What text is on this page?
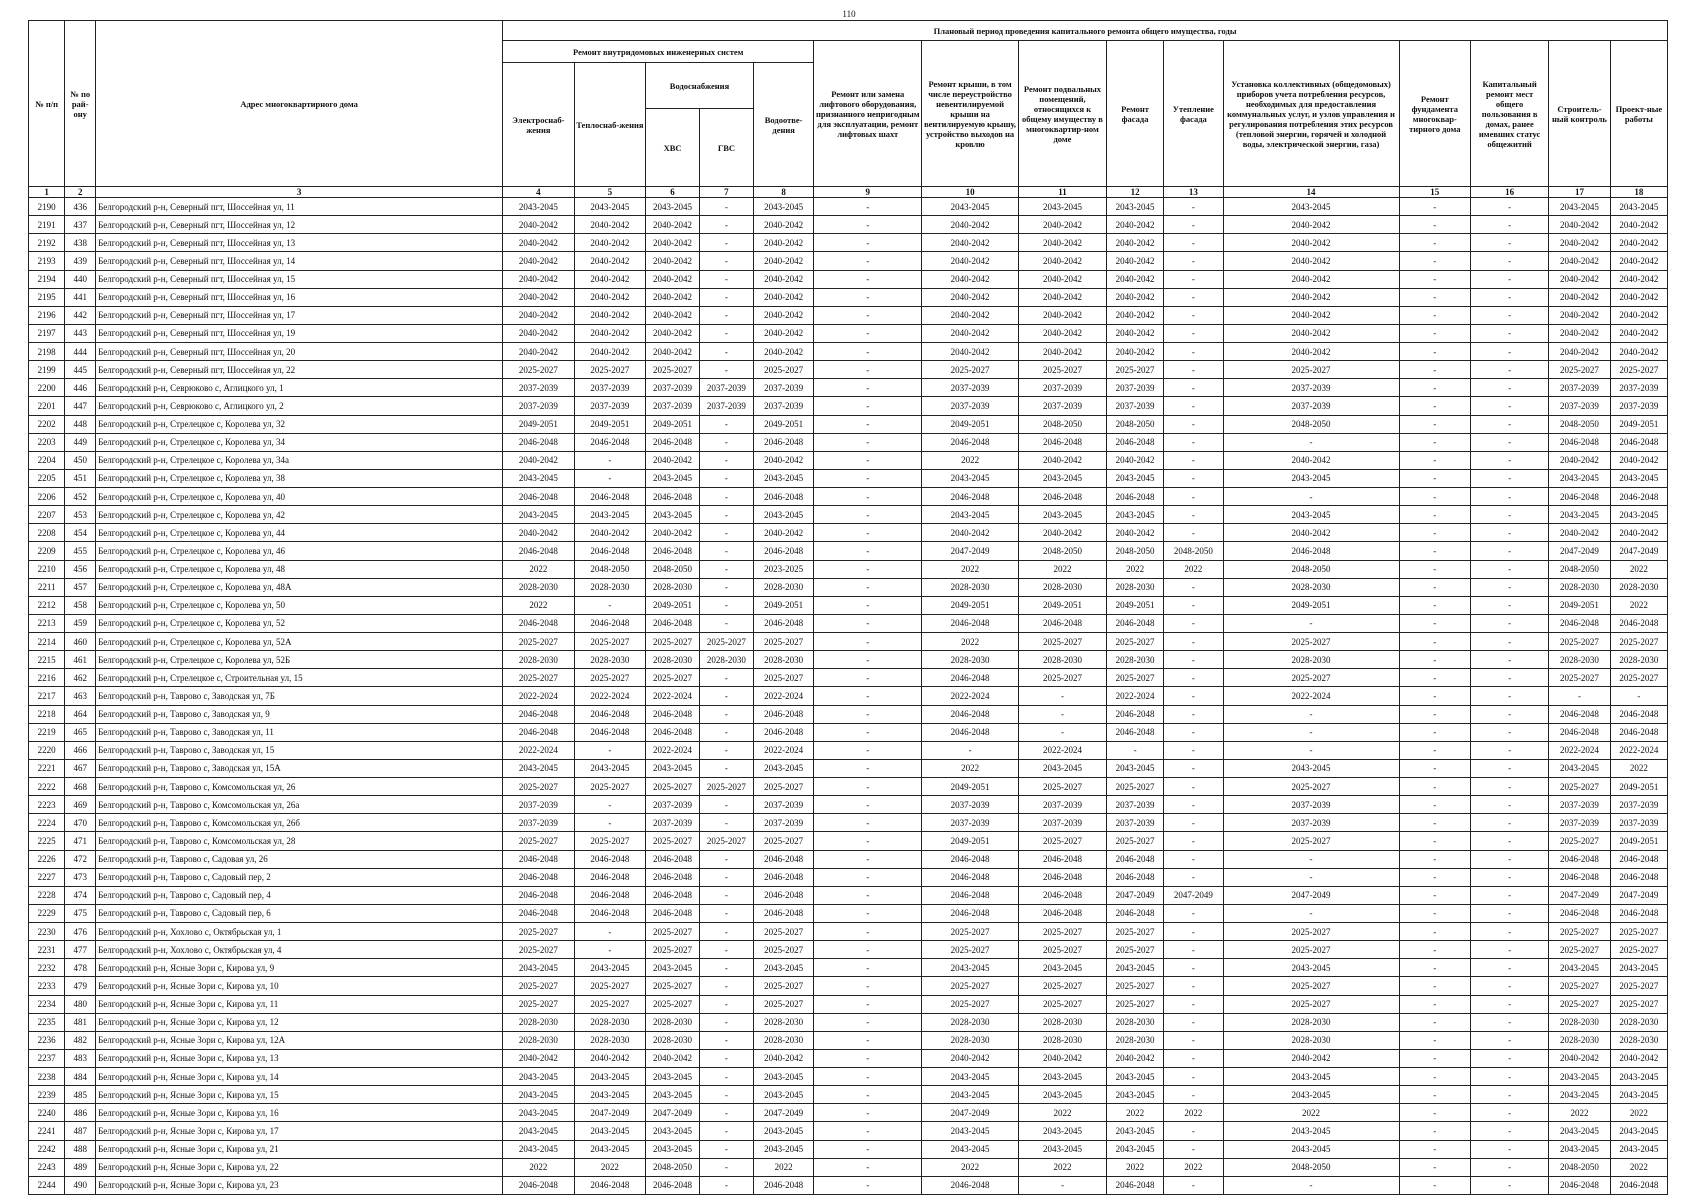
110
№ п/п	№ по рай-ону	Адрес многоквартирного дома	Плановый период проведения капитального ремонта общего имущества, годы														
			Ремонт внутридомовых инженерных систем					Ремонт или замена лифтового оборудования, признанного непригодным для эксплуатации, ремонт лифтовых шахт	Ремонт крыши, в том числе переустройство невентилируемой крыши на вентилируемую крышу, устройство выходов на кровлю	Ремонт подвальных помещений, относящихся к общему имуществу в многоквартир-ном доме	Ремонт фасада	Утепление фасада	Установка коллективных (общедомовых) приборов учета потребления ресурсов, необходимых для предоставления коммунальных услуг, и узлов управления и регулирования потребления этих ресурсов (тепловой энергии, горячей и холодной воды, электрической энергии, газа)	Ремонт фундамента многоквар-тирного дома	Капитальный ремонт мест общего пользования в домах, ранее имевших статус общежитий	Строитель-ный контроль	Проект-ные работы
			Электроснаб-жения	Теплоснаб-жения	Водоснабжения		Водоотве-дения										
					ХВС	ГВС											
1	2	3	4	5	6	7	8	9	10	11	12	13	14	15	16	17	18
2190	436	Белгородский р-н, Северный пгт, Шоссейная ул, 11	2043-2045	2043-2045	2043-2045	-	2043-2045	-	2043-2045	2043-2045	2043-2045	-	2043-2045	-	-	2043-2045	2043-2045
2191	437	Белгородский р-н, Северный пгт, Шоссейная ул, 12	2040-2042	2040-2042	2040-2042	-	2040-2042	-	2040-2042	2040-2042	2040-2042	-	2040-2042	-	-	2040-2042	2040-2042
2192	438	Белгородский р-н, Северный пгт, Шоссейная ул, 13	2040-2042	2040-2042	2040-2042	-	2040-2042	-	2040-2042	2040-2042	2040-2042	-	2040-2042	-	-	2040-2042	2040-2042
2193	439	Белгородский р-н, Северный пгт, Шоссейная ул, 14	2040-2042	2040-2042	2040-2042	-	2040-2042	-	2040-2042	2040-2042	2040-2042	-	2040-2042	-	-	2040-2042	2040-2042
2194	440	Белгородский р-н, Северный пгт, Шоссейная ул, 15	2040-2042	2040-2042	2040-2042	-	2040-2042	-	2040-2042	2040-2042	2040-2042	-	2040-2042	-	-	2040-2042	2040-2042
2195	441	Белгородский р-н, Северный пгт, Шоссейная ул, 16	2040-2042	2040-2042	2040-2042	-	2040-2042	-	2040-2042	2040-2042	2040-2042	-	2040-2042	-	-	2040-2042	2040-2042
2196	442	Белгородский р-н, Северный пгт, Шоссейная ул, 17	2040-2042	2040-2042	2040-2042	-	2040-2042	-	2040-2042	2040-2042	2040-2042	-	2040-2042	-	-	2040-2042	2040-2042
2197	443	Белгородский р-н, Северный пгт, Шоссейная ул, 19	2040-2042	2040-2042	2040-2042	-	2040-2042	-	2040-2042	2040-2042	2040-2042	-	2040-2042	-	-	2040-2042	2040-2042
2198	444	Белгородский р-н, Северный пгт, Шоссейная ул, 20	2040-2042	2040-2042	2040-2042	-	2040-2042	-	2040-2042	2040-2042	2040-2042	-	2040-2042	-	-	2040-2042	2040-2042
2199	445	Белгородский р-н, Северный пгт, Шоссейная ул, 22	2025-2027	2025-2027	2025-2027	-	2025-2027	-	2025-2027	2025-2027	2025-2027	-	2025-2027	-	-	2025-2027	2025-2027
2200	446	Белгородский р-н, Севрюково с, Аглицкого ул, 1	2037-2039	2037-2039	2037-2039	2037-2039	2037-2039	-	2037-2039	2037-2039	2037-2039	-	2037-2039	-	-	2037-2039	2037-2039
2201	447	Белгородский р-н, Севрюково с, Аглицкого ул, 2	2037-2039	2037-2039	2037-2039	2037-2039	2037-2039	-	2037-2039	2037-2039	2037-2039	-	2037-2039	-	-	2037-2039	2037-2039
2202	448	Белгородский р-н, Стрелецкое с, Королева ул, 32	2049-2051	2049-2051	2049-2051	-	2049-2051	-	2049-2051	2048-2050	2048-2050	-	2048-2050	-	-	2048-2050	2049-2051
2203	449	Белгородский р-н, Стрелецкое с, Королева ул, 34	2046-2048	2046-2048	2046-2048	-	2046-2048	-	2046-2048	2046-2048	2046-2048	-	-	-	-	2046-2048	2046-2048
2204	450	Белгородский р-н, Стрелецкое с, Королева ул, 34а	2040-2042	-	2040-2042	-	2040-2042	-	2022	2040-2042	2040-2042	-	2040-2042	-	-	2040-2042	2040-2042
2205	451	Белгородский р-н, Стрелецкое с, Королева ул, 38	2043-2045	-	2043-2045	-	2043-2045	-	2043-2045	2043-2045	2043-2045	-	2043-2045	-	-	2043-2045	2043-2045
2206	452	Белгородский р-н, Стрелецкое с, Королева ул, 40	2046-2048	2046-2048	2046-2048	-	2046-2048	-	2046-2048	2046-2048	2046-2048	-	-	-	-	2046-2048	2046-2048
2207	453	Белгородский р-н, Стрелецкое с, Королева ул, 42	2043-2045	2043-2045	2043-2045	-	2043-2045	-	2043-2045	2043-2045	2043-2045	-	2043-2045	-	-	2043-2045	2043-2045
2208	454	Белгородский р-н, Стрелецкое с, Королева ул, 44	2040-2042	2040-2042	2040-2042	-	2040-2042	-	2040-2042	2040-2042	2040-2042	-	2040-2042	-	-	2040-2042	2040-2042
2209	455	Белгородский р-н, Стрелецкое с, Королева ул, 46	2046-2048	2046-2048	2046-2048	-	2046-2048	-	2047-2049	2048-2050	2048-2050	2048-2050	2046-2048	-	-	2047-2049	2047-2049
2210	456	Белгородский р-н, Стрелецкое с, Королева ул, 48	2022	2048-2050	2048-2050	-	2023-2025	-	2022	2022	2022	2022	2048-2050	-	-	2048-2050	2022
2211	457	Белгородский р-н, Стрелецкое с, Королева ул, 48А	2028-2030	2028-2030	2028-2030	-	2028-2030	-	2028-2030	2028-2030	2028-2030	-	2028-2030	-	-	2028-2030	2028-2030
2212	458	Белгородский р-н, Стрелецкое с, Королева ул, 50	2022	-	2049-2051	-	2049-2051	-	2049-2051	2049-2051	2049-2051	-	2049-2051	-	-	2049-2051	2022
2213	459	Белгородский р-н, Стрелецкое с, Королева ул, 52	2046-2048	2046-2048	2046-2048	-	2046-2048	-	2046-2048	2046-2048	2046-2048	-	-	-	-	2046-2048	2046-2048
2214	460	Белгородский р-н, Стрелецкое с, Королева ул, 52А	2025-2027	2025-2027	2025-2027	2025-2027	2025-2027	-	2022	2025-2027	2025-2027	-	2025-2027	-	-	2025-2027	2025-2027
2215	461	Белгородский р-н, Стрелецкое с, Королева ул, 52Б	2028-2030	2028-2030	2028-2030	2028-2030	2028-2030	-	2028-2030	2028-2030	2028-2030	-	2028-2030	-	-	2028-2030	2028-2030
2216	462	Белгородский р-н, Стрелецкое с, Строительная ул, 15	2025-2027	2025-2027	2025-2027	-	2025-2027	-	2046-2048	2025-2027	2025-2027	-	2025-2027	-	-	2025-2027	2025-2027
2217	463	Белгородский р-н, Таврово с, Заводская ул, 7Б	2022-2024	2022-2024	2022-2024	-	2022-2024	-	2022-2024	-	2022-2024	-	2022-2024	-	-	-	-
2218	464	Белгородский р-н, Таврово с, Заводская ул, 9	2046-2048	2046-2048	2046-2048	-	2046-2048	-	2046-2048	-	2046-2048	-	-	-	-	2046-2048	2046-2048
2219	465	Белгородский р-н, Таврово с, Заводская ул, 11	2046-2048	2046-2048	2046-2048	-	2046-2048	-	2046-2048	-	2046-2048	-	-	-	-	2046-2048	2046-2048
2220	466	Белгородский р-н, Таврово с, Заводская ул, 15	2022-2024	-	2022-2024	-	2022-2024	-	-	2022-2024	-	-	-	-	-	2022-2024	2022-2024
2221	467	Белгородский р-н, Таврово с, Заводская ул, 15А	2043-2045	2043-2045	2043-2045	-	2043-2045	-	2022	2043-2045	2043-2045	-	2043-2045	-	-	2043-2045	2022
2222	468	Белгородский р-н, Таврово с, Комсомольская ул, 26	2025-2027	2025-2027	2025-2027	2025-2027	2025-2027	-	2049-2051	2025-2027	2025-2027	-	2025-2027	-	-	2025-2027	2049-2051
2223	469	Белгородский р-н, Таврово с, Комсомольская ул, 26а	2037-2039	-	2037-2039	-	2037-2039	-	2037-2039	2037-2039	2037-2039	-	2037-2039	-	-	2037-2039	2037-2039
2224	470	Белгородский р-н, Таврово с, Комсомольская ул, 26б	2037-2039	-	2037-2039	-	2037-2039	-	2037-2039	2037-2039	2037-2039	-	2037-2039	-	-	2037-2039	2037-2039
2225	471	Белгородский р-н, Таврово с, Комсомольская ул, 28	2025-2027	2025-2027	2025-2027	2025-2027	2025-2027	-	2049-2051	2025-2027	2025-2027	-	2025-2027	-	-	2025-2027	2049-2051
2226	472	Белгородский р-н, Таврово с, Садовая ул, 26	2046-2048	2046-2048	2046-2048	-	2046-2048	-	2046-2048	2046-2048	2046-2048	-	-	-	-	2046-2048	2046-2048
2227	473	Белгородский р-н, Таврово с, Садовый пер, 2	2046-2048	2046-2048	2046-2048	-	2046-2048	-	2046-2048	2046-2048	2046-2048	-	-	-	-	2046-2048	2046-2048
2228	474	Белгородский р-н, Таврово с, Садовый пер, 4	2046-2048	2046-2048	2046-2048	-	2046-2048	-	2046-2048	2046-2048	2047-2049	2047-2049	2047-2049	-	-	2047-2049	2047-2049
2229	475	Белгородский р-н, Таврово с, Садовый пер, 6	2046-2048	2046-2048	2046-2048	-	2046-2048	-	2046-2048	2046-2048	2046-2048	-	-	-	-	2046-2048	2046-2048
2230	476	Белгородский р-н, Хохлово с, Октябрьская ул, 1	2025-2027	-	2025-2027	-	2025-2027	-	2025-2027	2025-2027	2025-2027	-	2025-2027	-	-	2025-2027	2025-2027
2231	477	Белгородский р-н, Хохлово с, Октябрьская ул, 4	2025-2027	-	2025-2027	-	2025-2027	-	2025-2027	2025-2027	2025-2027	-	2025-2027	-	-	2025-2027	2025-2027
2232	478	Белгородский р-н, Ясные Зори с, Кирова ул, 9	2043-2045	2043-2045	2043-2045	-	2043-2045	-	2043-2045	2043-2045	2043-2045	-	2043-2045	-	-	2043-2045	2043-2045
2233	479	Белгородский р-н, Ясные Зори с, Кирова ул, 10	2025-2027	2025-2027	2025-2027	-	2025-2027	-	2025-2027	2025-2027	2025-2027	-	2025-2027	-	-	2025-2027	2025-2027
2234	480	Белгородский р-н, Ясные Зори с, Кирова ул, 11	2025-2027	2025-2027	2025-2027	-	2025-2027	-	2025-2027	2025-2027	2025-2027	-	2025-2027	-	-	2025-2027	2025-2027
2235	481	Белгородский р-н, Ясные Зори с, Кирова ул, 12	2028-2030	2028-2030	2028-2030	-	2028-2030	-	2028-2030	2028-2030	2028-2030	-	2028-2030	-	-	2028-2030	2028-2030
2236	482	Белгородский р-н, Ясные Зори с, Кирова ул, 12А	2028-2030	2028-2030	2028-2030	-	2028-2030	-	2028-2030	2028-2030	2028-2030	-	2028-2030	-	-	2028-2030	2028-2030
2237	483	Белгородский р-н, Ясные Зори с, Кирова ул, 13	2040-2042	2040-2042	2040-2042	-	2040-2042	-	2040-2042	2040-2042	2040-2042	-	2040-2042	-	-	2040-2042	2040-2042
2238	484	Белгородский р-н, Ясные Зори с, Кирова ул, 14	2043-2045	2043-2045	2043-2045	-	2043-2045	-	2043-2045	2043-2045	2043-2045	-	2043-2045	-	-	2043-2045	2043-2045
2239	485	Белгородский р-н, Ясные Зори с, Кирова ул, 15	2043-2045	2043-2045	2043-2045	-	2043-2045	-	2043-2045	2043-2045	2043-2045	-	2043-2045	-	-	2043-2045	2043-2045
2240	486	Белгородский р-н, Ясные Зори с, Кирова ул, 16	2043-2045	2047-2049	2047-2049	-	2047-2049	-	2047-2049	2022	2022	2022	2022	-	-	2022	2022
2241	487	Белгородский р-н, Ясные Зори с, Кирова ул, 17	2043-2045	2043-2045	2043-2045	-	2043-2045	-	2043-2045	2043-2045	2043-2045	-	2043-2045	-	-	2043-2045	2043-2045
2242	488	Белгородский р-н, Ясные Зори с, Кирова ул, 21	2043-2045	2043-2045	2043-2045	-	2043-2045	-	2043-2045	2043-2045	2043-2045	-	2043-2045	-	-	2043-2045	2043-2045
2243	489	Белгородский р-н, Ясные Зори с, Кирова ул, 22	2022	2022	2048-2050	-	2022	-	2022	2022	2022	2022	2048-2050	-	-	2048-2050	2022
2244	490	Белгородский р-н, Ясные Зори с, Кирова ул, 23	2046-2048	2046-2048	2046-2048	-	2046-2048	-	2046-2048	-	2046-2048	-	-	-	-	2046-2048	2046-2048
